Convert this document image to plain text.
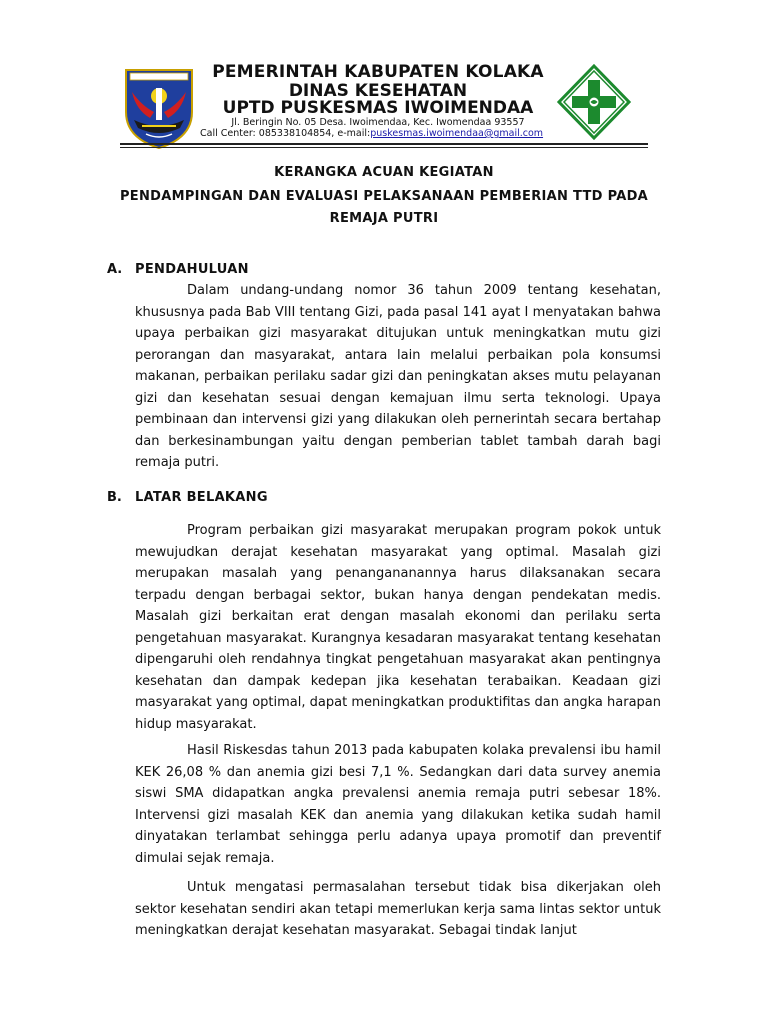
PEMERINTAH KABUPATEN KOLAKA
DINAS KESEHATAN
UPTD PUSKESMAS IWOIMENDAA
Jl. Beringin No. 05 Desa. Iwoimendaa, Kec. Iwomendaa 93557
Call Center: 085338104854, e-mail:puskesmas.iwoimendaa@gmail.com
KERANGKA ACUAN KEGIATAN
PENDAMPINGAN DAN EVALUASI PELAKSANAAN PEMBERIAN TTD PADA
REMAJA PUTRI
A. PENDAHULUAN
Dalam undang-undang nomor 36 tahun 2009 tentang kesehatan, khususnya pada Bab VIII tentang Gizi, pada pasal 141 ayat I menyatakan bahwa upaya perbaikan gizi masyarakat ditujukan untuk meningkatkan mutu gizi perorangan dan masyarakat, antara lain melalui perbaikan pola konsumsi makanan, perbaikan perilaku sadar gizi dan peningkatan akses mutu pelayanan gizi dan kesehatan sesuai dengan kemajuan ilmu serta teknologi. Upaya pembinaan dan intervensi gizi yang dilakukan oleh pernerintah secara bertahap dan berkesinambungan yaitu dengan pemberian tablet tambah darah bagi remaja putri.
B. LATAR BELAKANG
Program perbaikan gizi masyarakat merupakan program pokok untuk mewujudkan derajat kesehatan masyarakat yang optimal. Masalah gizi merupakan masalah yang penangananannya harus dilaksanakan secara terpadu dengan berbagai sektor, bukan hanya dengan pendekatan medis. Masalah gizi berkaitan erat dengan masalah ekonomi dan perilaku serta pengetahuan masyarakat. Kurangnya kesadaran masyarakat tentang kesehatan dipengaruhi oleh rendahnya tingkat pengetahuan masyarakat akan pentingnya kesehatan dan dampak kedepan jika kesehatan terabaikan. Keadaan gizi masyarakat yang optimal, dapat meningkatkan produktifitas dan angka harapan hidup masyarakat.
Hasil Riskesdas tahun 2013 pada kabupaten kolaka prevalensi ibu hamil KEK 26,08 % dan anemia gizi besi 7,1 %. Sedangkan dari data survey anemia siswi SMA didapatkan angka prevalensi anemia remaja putri sebesar 18%. Intervensi gizi masalah KEK dan anemia yang dilakukan ketika sudah hamil dinyatakan terlambat sehingga perlu adanya upaya promotif dan preventif dimulai sejak remaja.
Untuk mengatasi permasalahan tersebut tidak bisa dikerjakan oleh sektor kesehatan sendiri akan tetapi memerlukan kerja sama lintas sektor untuk meningkatkan derajat kesehatan masyarakat. Sebagai tindak lanjut
